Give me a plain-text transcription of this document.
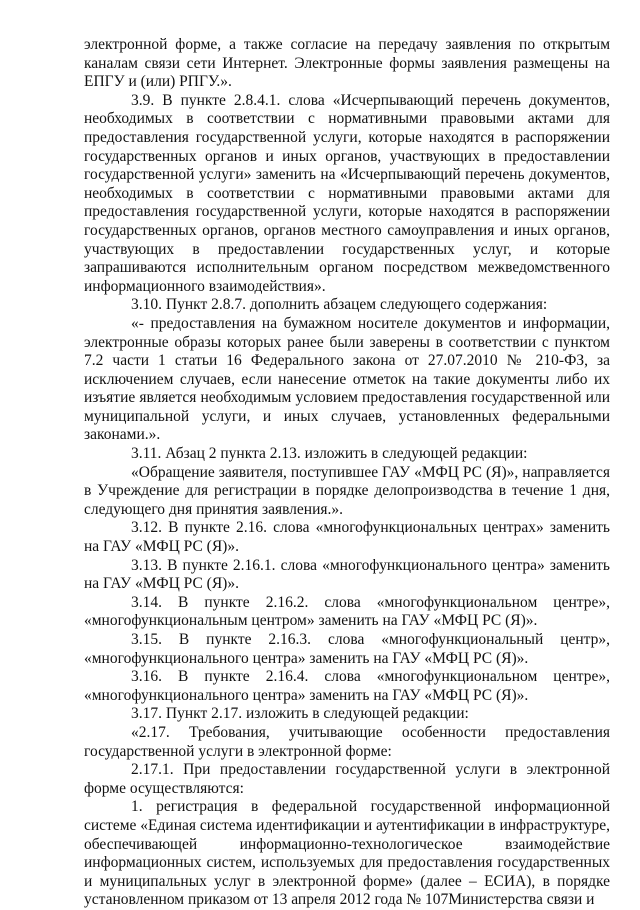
электронной форме, а также согласие на передачу заявления по открытым каналам связи сети Интернет. Электронные формы заявления размещены на ЕПГУ и (или) РПГУ.».

3.9. В пункте 2.8.4.1. слова «Исчерпывающий перечень документов, необходимых в соответствии с нормативными правовыми актами для предоставления государственной услуги, которые находятся в распоряжении государственных органов и иных органов, участвующих в предоставлении государственной услуги» заменить на «Исчерпывающий перечень документов, необходимых в соответствии с нормативными правовыми актами для предоставления государственной услуги, которые находятся в распоряжении государственных органов, органов местного самоуправления и иных органов, участвующих в предоставлении государственных услуг, и которые запрашиваются исполнительным органом посредством межведомственного информационного взаимодействия».

3.10. Пункт 2.8.7. дополнить абзацем следующего содержания:

«- предоставления на бумажном носителе документов и информации, электронные образы которых ранее были заверены в соответствии с пунктом 7.2 части 1 статьи 16 Федерального закона от 27.07.2010 № 210-ФЗ, за исключением случаев, если нанесение отметок на такие документы либо их изъятие является необходимым условием предоставления государственной или муниципальной услуги, и иных случаев, установленных федеральными законами.».

3.11. Абзац 2 пункта 2.13. изложить в следующей редакции:

«Обращение заявителя, поступившее ГАУ «МФЦ РС (Я)», направляется в Учреждение для регистрации в порядке делопроизводства в течение 1 дня, следующего дня принятия заявления.».

3.12. В пункте 2.16. слова «многофункциональных центрах» заменить на ГАУ «МФЦ РС (Я)».

3.13. В пункте 2.16.1. слова «многофункционального центра» заменить на ГАУ «МФЦ РС (Я)».

3.14. В пункте 2.16.2. слова «многофункциональном центре», «многофункциональным центром» заменить на ГАУ «МФЦ РС (Я)».

3.15. В пункте 2.16.3. слова «многофункциональный центр», «многофункционального центра» заменить на ГАУ «МФЦ РС (Я)».

3.16. В пункте 2.16.4. слова «многофункциональном центре», «многофункционального центра» заменить на ГАУ «МФЦ РС (Я)».

3.17. Пункт 2.17. изложить в следующей редакции:

«2.17. Требования, учитывающие особенности предоставления государственной услуги в электронной форме:

2.17.1. При предоставлении государственной услуги в электронной форме осуществляются:

1. регистрация в федеральной государственной информационной системе «Единая система идентификации и аутентификации в инфраструктуре, обеспечивающей информационно-технологическое взаимодействие информационных систем, используемых для предоставления государственных и муниципальных услуг в электронной форме» (далее – ЕСИА), в порядке установленном приказом от 13 апреля 2012 года № 107Министерства связи и
